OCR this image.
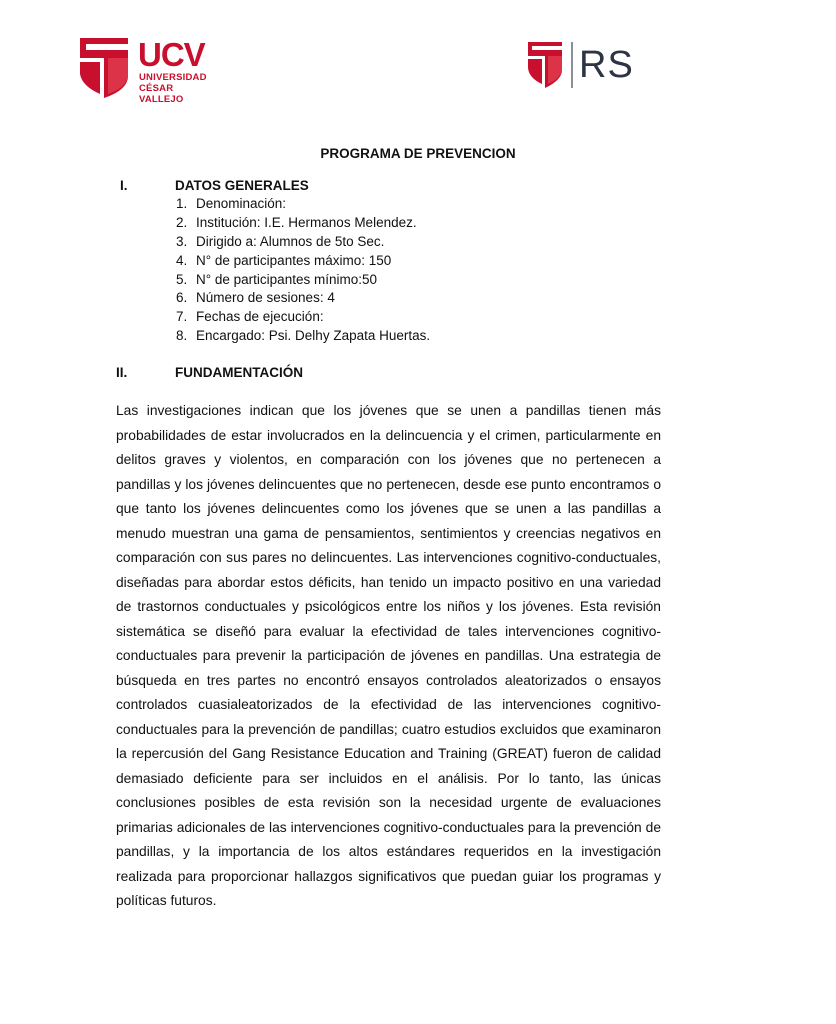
UCV
UNIVERSIDAD
CÉSAR VALLEJO
RS
PROGRAMA DE PREVENCION
I.	DATOS GENERALES
1. Denominación:
2. Institución: I.E. Hermanos Melendez.
3. Dirigido a: Alumnos de 5to Sec.
4. N° de participantes máximo: 150
5. N° de participantes mínimo:50
6. Número de sesiones: 4
7. Fechas de ejecución:
8. Encargado: Psi. Delhy Zapata Huertas.
II.	FUNDAMENTACIÓN

Las investigaciones indican que los jóvenes que se unen a pandillas tienen más probabilidades de estar involucrados en la delincuencia y el crimen, particularmente en delitos graves y violentos, en comparación con los jóvenes que no pertenecen a pandillas y los jóvenes delincuentes que no pertenecen, desde ese punto encontramos o que tanto los jóvenes delincuentes como los jóvenes que se unen a las pandillas a menudo muestran una gama de pensamientos, sentimientos y creencias negativos en comparación con sus pares no delincuentes. Las intervenciones cognitivo-conductuales, diseñadas para abordar estos déficits, han tenido un impacto positivo en una variedad de trastornos conductuales y psicológicos entre los niños y los jóvenes. Esta revisión sistemática se diseñó para evaluar la efectividad de tales intervenciones cognitivo-conductuales para prevenir la participación de jóvenes en pandillas. Una estrategia de búsqueda en tres partes no encontró ensayos controlados aleatorizados o ensayos controlados cuasialeatorizados de la efectividad de las intervenciones cognitivo-conductuales para la prevención de pandillas; cuatro estudios excluidos que examinaron la repercusión del Gang Resistance Education and Training (GREAT) fueron de calidad demasiado deficiente para ser incluidos en el análisis. Por lo tanto, las únicas conclusiones posibles de esta revisión son la necesidad urgente de evaluaciones primarias adicionales de las intervenciones cognitivo-conductuales para la prevención de pandillas, y la importancia de los altos estándares requeridos en la investigación realizada para proporcionar hallazgos significativos que puedan guiar los programas y políticas futuros.
